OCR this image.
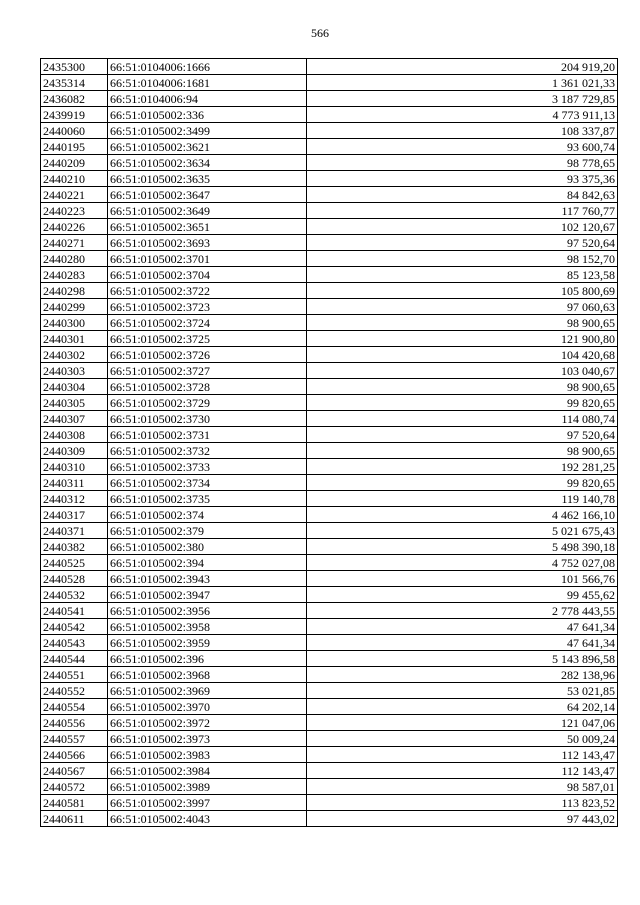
566
2435300	66:51:0104006:1666	204 919,20
2435314	66:51:0104006:1681	1 361 021,33
2436082	66:51:0104006:94	3 187 729,85
2439919	66:51:0105002:336	4 773 911,13
2440060	66:51:0105002:3499	108 337,87
2440195	66:51:0105002:3621	93 600,74
2440209	66:51:0105002:3634	98 778,65
2440210	66:51:0105002:3635	93 375,36
2440221	66:51:0105002:3647	84 842,63
2440223	66:51:0105002:3649	117 760,77
2440226	66:51:0105002:3651	102 120,67
2440271	66:51:0105002:3693	97 520,64
2440280	66:51:0105002:3701	98 152,70
2440283	66:51:0105002:3704	85 123,58
2440298	66:51:0105002:3722	105 800,69
2440299	66:51:0105002:3723	97 060,63
2440300	66:51:0105002:3724	98 900,65
2440301	66:51:0105002:3725	121 900,80
2440302	66:51:0105002:3726	104 420,68
2440303	66:51:0105002:3727	103 040,67
2440304	66:51:0105002:3728	98 900,65
2440305	66:51:0105002:3729	99 820,65
2440307	66:51:0105002:3730	114 080,74
2440308	66:51:0105002:3731	97 520,64
2440309	66:51:0105002:3732	98 900,65
2440310	66:51:0105002:3733	192 281,25
2440311	66:51:0105002:3734	99 820,65
2440312	66:51:0105002:3735	119 140,78
2440317	66:51:0105002:374	4 462 166,10
2440371	66:51:0105002:379	5 021 675,43
2440382	66:51:0105002:380	5 498 390,18
2440525	66:51:0105002:394	4 752 027,08
2440528	66:51:0105002:3943	101 566,76
2440532	66:51:0105002:3947	99 455,62
2440541	66:51:0105002:3956	2 778 443,55
2440542	66:51:0105002:3958	47 641,34
2440543	66:51:0105002:3959	47 641,34
2440544	66:51:0105002:396	5 143 896,58
2440551	66:51:0105002:3968	282 138,96
2440552	66:51:0105002:3969	53 021,85
2440554	66:51:0105002:3970	64 202,14
2440556	66:51:0105002:3972	121 047,06
2440557	66:51:0105002:3973	50 009,24
2440566	66:51:0105002:3983	112 143,47
2440567	66:51:0105002:3984	112 143,47
2440572	66:51:0105002:3989	98 587,01
2440581	66:51:0105002:3997	113 823,52
2440611	66:51:0105002:4043	97 443,02
